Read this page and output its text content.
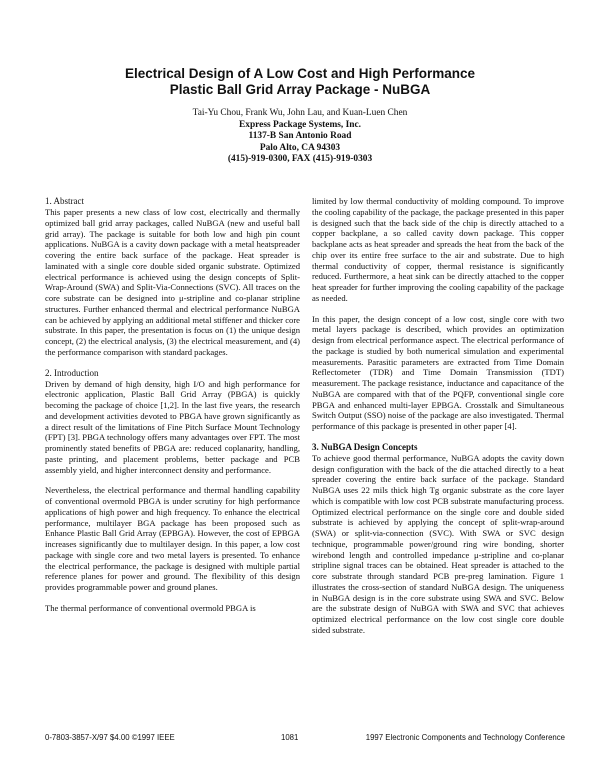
Electrical Design of A Low Cost and High Performance
Plastic Ball Grid Array Package - NuBGA
Tai-Yu Chou, Frank Wu, John Lau, and Kuan-Luen Chen
Express Package Systems, Inc.
1137-B San Antonio Road
Palo Alto, CA 94303
(415)-919-0300, FAX (415)-919-0303
1. Abstract

This paper presents a new class of low cost, electrically and thermally optimized ball grid array packages, called NuBGA (new and useful ball grid array). The package is suitable for both low and high pin count applications. NuBGA is a cavity down package with a metal heatspreader covering the entire back surface of the package. Heat spreader is laminated with a single core double sided organic substrate. Optimized electrical performance is achieved using the design concepts of Split-Wrap-Around (SWA) and Split-Via-Connections (SVC). All traces on the core substrate can be designed into μ-stripline and co-planar stripline structures. Further enhanced thermal and electrical performance NuBGA can be achieved by applying an additional metal stiffener and thicker core substrate. In this paper, the presentation is focus on (1) the unique design concept, (2) the electrical analysis, (3) the electrical measurement, and (4) the performance comparison with standard packages.

2. Introduction

Driven by demand of high density, high I/O and high performance for electronic application, Plastic Ball Grid Array (PBGA) is quickly becoming the package of choice [1,2]. In the last five years, the research and development activities devoted to PBGA have grown significantly as a direct result of the limitations of Fine Pitch Surface Mount Technology (FPT) [3]. PBGA technology offers many advantages over FPT. The most prominently stated benefits of PBGA are: reduced coplanarity, handling, paste printing, and placement problems, better package and PCB assembly yield, and higher interconnect density and performance.

Nevertheless, the electrical performance and thermal handling capability of conventional overmold PBGA is under scrutiny for high performance applications of high power and high frequency. To enhance the electrical performance, multilayer BGA package has been proposed such as Enhance Plastic Ball Grid Array (EPBGA). However, the cost of EPBGA increases significantly due to multilayer design. In this paper, a low cost package with single core and two metal layers is presented. To enhance the electrical performance, the package is designed with multiple partial reference planes for power and ground. The flexibility of this design provides programmable power and ground planes.

The thermal performance of conventional overmold PBGA is

limited by low thermal conductivity of molding compound. To improve the cooling capability of the package, the package presented in this paper is designed such that the back side of the chip is directly attached to a copper backplane, a so called cavity down package. This copper backplane acts as heat spreader and spreads the heat from the back of the chip over its entire free surface to the air and substrate. Due to high thermal conductivity of copper, thermal resistance is significantly reduced. Furthermore, a heat sink can be directly attached to the copper heat spreader for further improving the cooling capability of the package as needed.

In this paper, the design concept of a low cost, single core with two metal layers package is described, which provides an optimization design from electrical performance aspect. The electrical performance of the package is studied by both numerical simulation and experimental measurements. Parasitic parameters are extracted from Time Domain Reflectometer (TDR) and Time Domain Transmission (TDT) measurement. The package resistance, inductance and capacitance of the NuBGA are compared with that of the PQFP, conventional single core PBGA and enhanced multi-layer EPBGA. Crosstalk and Simultaneous Switch Output (SSO) noise of the package are also investigated. Thermal performance of this package is presented in other paper [4].

3. NuBGA Design Concepts

To achieve good thermal performance, NuBGA adopts the cavity down design configuration with the back of the die attached directly to a heat spreader covering the entire back surface of the package. Standard NuBGA uses 22 mils thick high Tg organic substrate as the core layer which is compatible with low cost PCB substrate manufacturing process. Optimized electrical performance on the single core and double sided substrate is achieved by applying the concept of split-wrap-around (SWA) or split-via-connection (SVC). With SWA or SVC design technique, programmable power/ground ring wire bonding, shorter wirebond length and controlled impedance μ-stripline and co-planar stripline signal traces can be obtained. Heat spreader is attached to the core substrate through standard PCB pre-preg lamination. Figure 1 illustrates the cross-section of standard NuBGA design. The uniqueness in NuBGA design is in the core substrate using SWA and SVC. Below are the substrate design of NuBGA with SWA and SVC that achieves optimized electrical performance on the low cost single core double sided substrate.

0-7803-3857-X/97 $4.00 ©1997 IEEE	1081	1997 Electronic Components and Technology Conference
